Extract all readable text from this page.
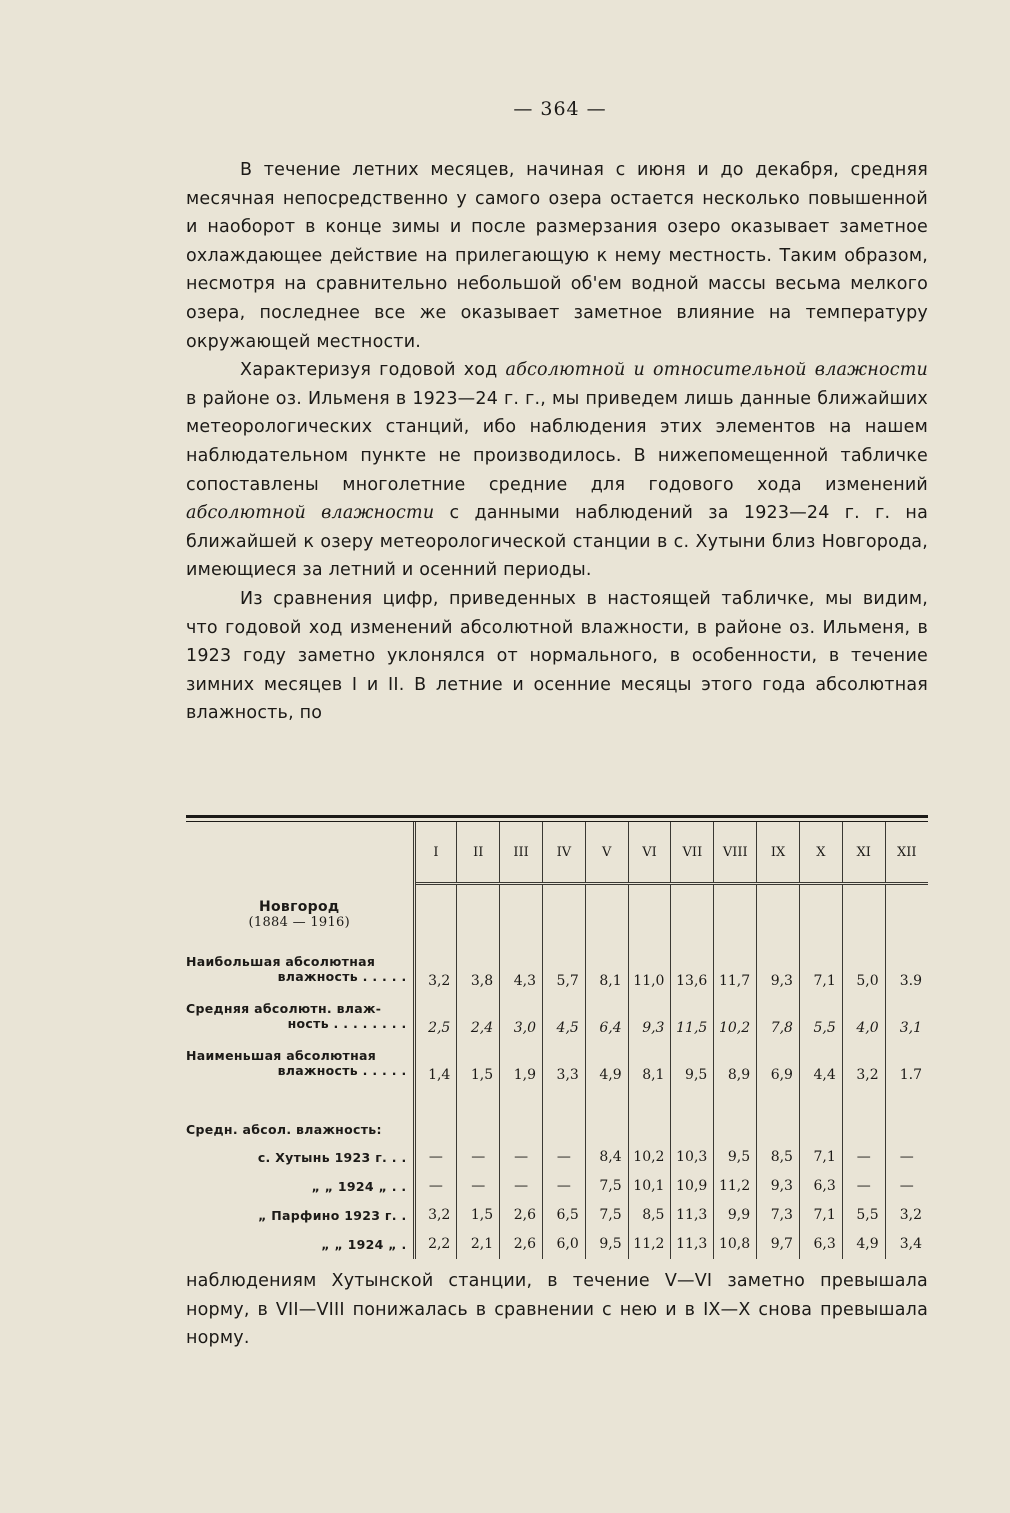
— 364 —

В течение летних месяцев, начиная с июня и до декабря, средняя месячная непосредственно у самого озера остается несколько повышенной и наоборот в конце зимы и после размерзания озеро оказывает заметное охлаждающее действие на прилегающую к нему местность. Таким образом, несмотря на сравнительно небольшой об'ем водной массы весьма мелкого озера, последнее все же оказывает заметное влияние на температуру окружающей местности.

Характеризуя годовой ход абсолютной и относительной влажности в районе оз. Ильменя в 1923—24 г. г., мы приведем лишь данные ближайших метеорологических станций, ибо наблюдения этих элементов на нашем наблюдательном пункте не производилось. В нижепомещенной табличке сопоставлены многолетние средние для годового хода изменений абсолютной влажности с данными наблюдений за 1923—24 г. г. на ближайшей к озеру метеорологической станции в с. Хутыни близ Новгорода, имеющиеся за летний и осенний периоды.

Из сравнения цифр, приведенных в настоящей табличке, мы видим, что годовой ход изменений абсолютной влажности, в районе оз. Ильменя, в 1923 году заметно уклонялся от нормального, в особенности, в течение зимних месяцев I и II. В летние и осенние месяцы этого года абсолютная влажность, по

	I	II	III	IV	V	VI	VII	VIII	IX	X	XI	XII

Новгород
(1884 — 1916)												

Наибольшая абсолютная
влажность . . . . .	3,2	3,8	4,3	5,7	8,1	11,0	13,6	11,7	9,3	7,1	5,0	3.9

Средняя абсолютн. влаж-
ность . . . . . . . .	2,5	2,4	3,0	4,5	6,4	9,3	11,5	10,2	7,8	5,5	4,0	3,1

Наименьшая абсолютная
влажность . . . . .	1,4	1,5	1,9	3,3	4,9	8,1	9,5	8,9	6,9	4,4	3,2	1.7
Средн. абсол. влажность:												
с. Хутынь 1923 г. . .	—	—	—	—	8,4	10,2	10,3	9,5	8,5	7,1	—	—
„ „ 1924 „ . .	—	—	—	—	7,5	10,1	10,9	11,2	9,3	6,3	—	—
„ Парфино 1923 г. .	3,2	1,5	2,6	6,5	7,5	8,5	11,3	9,9	7,3	7,1	5,5	3,2
„ „ 1924 „ .	2,2	2,1	2,6	6,0	9,5	11,2	11,3	10,8	9,7	6,3	4,9	3,4

наблюдениям Хутынской станции, в течение V—VI заметно превышала норму, в VII—VIII понижалась в сравнении с нею и в IX—X снова превышала норму.
